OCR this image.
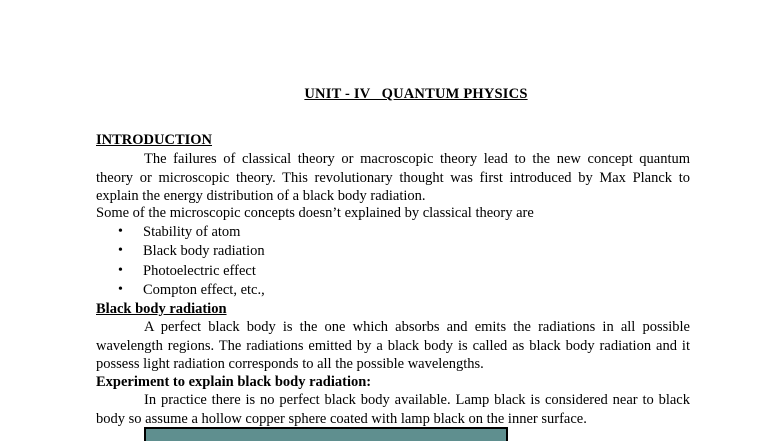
UNIT - IV   QUANTUM PHYSICS
INTRODUCTION
The failures of classical theory or macroscopic theory lead to the new concept quantum theory or microscopic theory. This revolutionary thought was first introduced by Max Planck to explain the energy distribution of a black body radiation.
Some of the microscopic concepts doesn’t explained by classical theory are
• Stability of atom
• Black body radiation
• Photoelectric effect
• Compton effect, etc.,
Black body radiation
A perfect black body is the one which absorbs and emits the radiations in all possible wavelength regions. The radiations emitted by a black body is called as black body radiation and it possess light radiation corresponds to all the possible wavelengths.
Experiment to explain black body radiation:
In practice there is no perfect black body available. Lamp black is considered near to black body so assume a hollow copper sphere coated with lamp black on the inner surface.
